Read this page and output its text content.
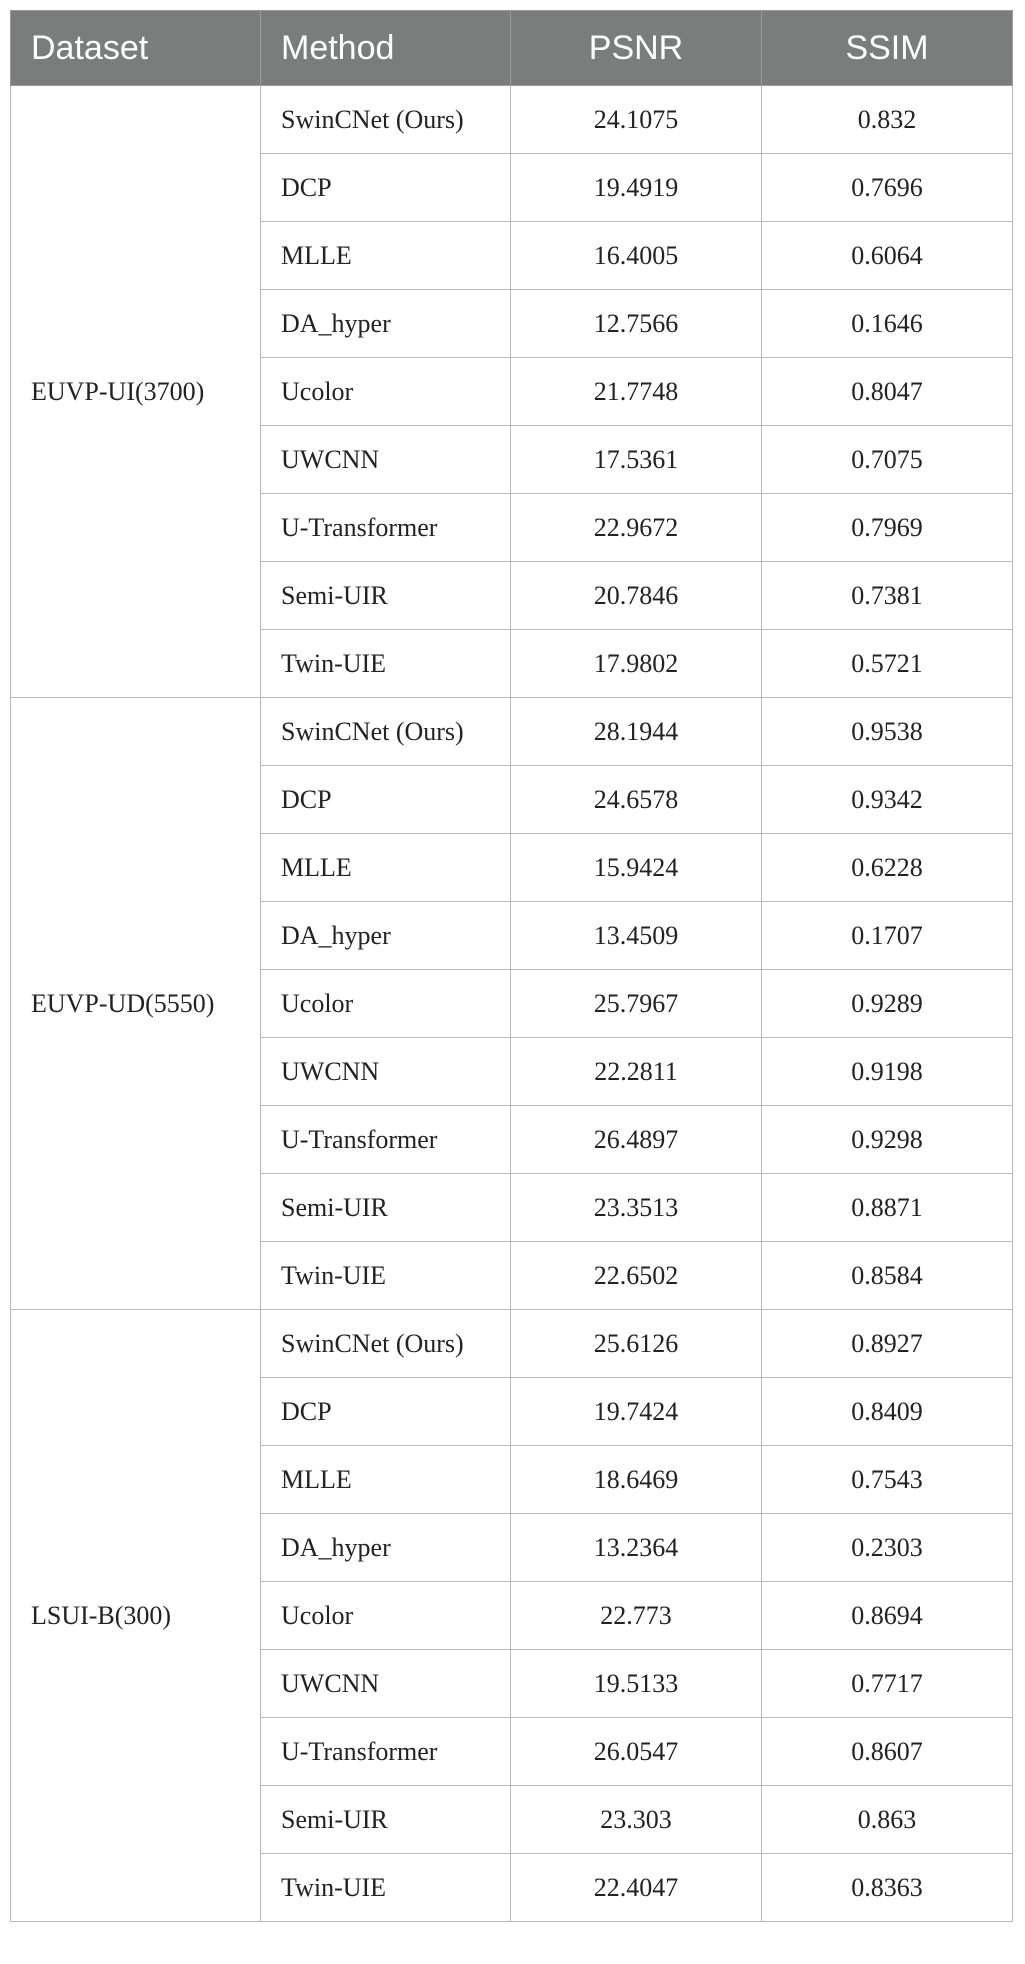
Dataset	Method	PSNR	SSIM
EUVP-UI(3700)	SwinCNet (Ours)	24.1075	0.832
	DCP	19.4919	0.7696
	MLLE	16.4005	0.6064
	DA_hyper	12.7566	0.1646
	Ucolor	21.7748	0.8047
	UWCNN	17.5361	0.7075
	U-Transformer	22.9672	0.7969
	Semi-UIR	20.7846	0.7381
	Twin-UIE	17.9802	0.5721
EUVP-UD(5550)	SwinCNet (Ours)	28.1944	0.9538
	DCP	24.6578	0.9342
	MLLE	15.9424	0.6228
	DA_hyper	13.4509	0.1707
	Ucolor	25.7967	0.9289
	UWCNN	22.2811	0.9198
	U-Transformer	26.4897	0.9298
	Semi-UIR	23.3513	0.8871
	Twin-UIE	22.6502	0.8584
LSUI-B(300)	SwinCNet (Ours)	25.6126	0.8927
	DCP	19.7424	0.8409
	MLLE	18.6469	0.7543
	DA_hyper	13.2364	0.2303
	Ucolor	22.773	0.8694
	UWCNN	19.5133	0.7717
	U-Transformer	26.0547	0.8607
	Semi-UIR	23.303	0.863
	Twin-UIE	22.4047	0.8363
